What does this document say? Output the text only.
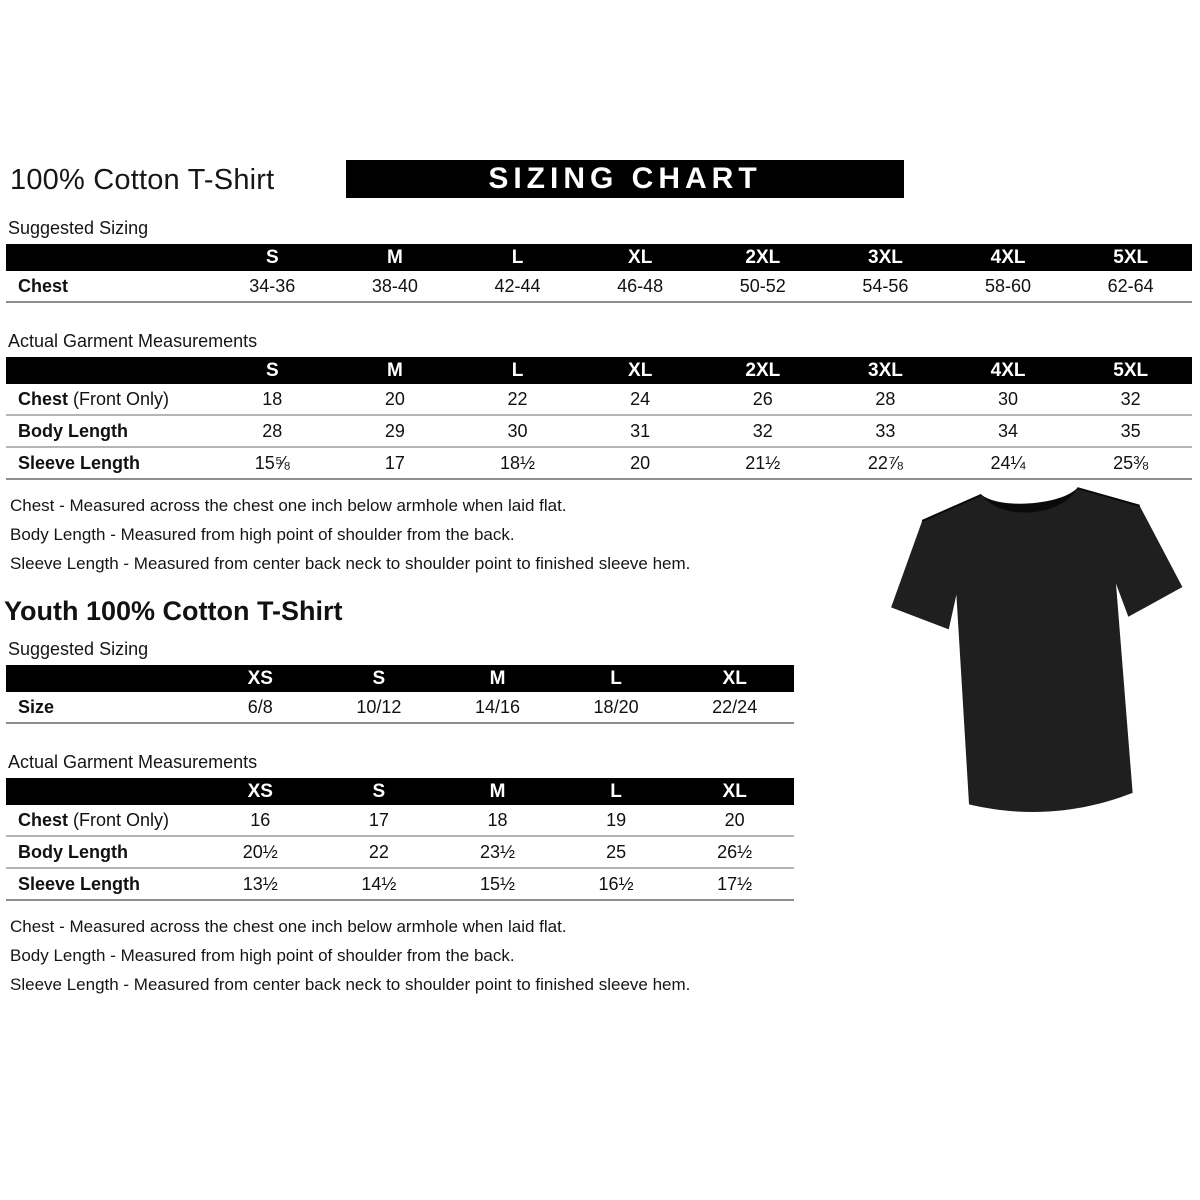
100% Cotton T-Shirt	SIZING CHART
Suggested Sizing
	S	M	L	XL	2XL	3XL	4XL	5XL
Chest	34-36	38-40	42-44	46-48	50-52	54-56	58-60	62-64
Actual Garment Measurements
	S	M	L	XL	2XL	3XL	4XL	5XL
Chest (Front Only)	18	20	22	24	26	28	30	32
Body Length	28	29	30	31	32	33	34	35
Sleeve Length	15⅝	17	18½	20	21½	22⅞	24¼	25⅜

Chest - Measured across the chest one inch below armhole when laid flat.

Body Length - Measured from high point of shoulder from the back.

Sleeve Length - Measured from center back neck to shoulder point to finished sleeve hem.

Youth 100% Cotton T-Shirt
Suggested Sizing
	XS	S	M	L	XL
Size	6/8	10/12	14/16	18/20	22/24
Actual Garment Measurements
	XS	S	M	L	XL
Chest (Front Only)	16	17	18	19	20
Body Length	20½	22	23½	25	26½
Sleeve Length	13½	14½	15½	16½	17½

Chest - Measured across the chest one inch below armhole when laid flat.

Body Length - Measured from high point of shoulder from the back.

Sleeve Length - Measured from center back neck to shoulder point to finished sleeve hem.
